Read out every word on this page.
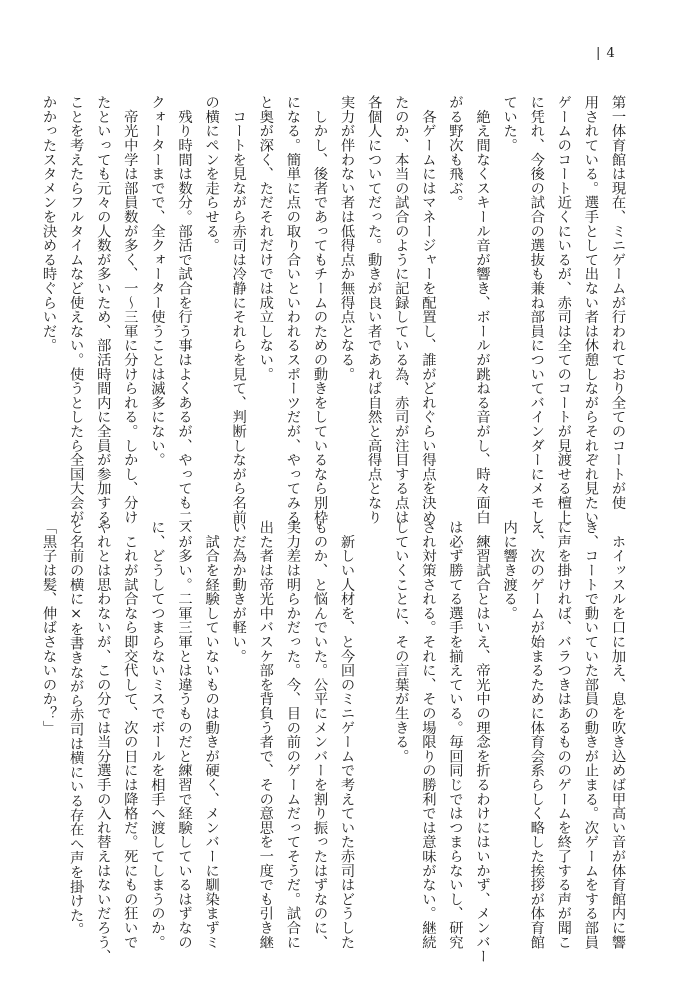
| 4
第一体育館は現在、ミニゲームが行われており全てのコートが使
用されている。選手として出ない者は休憩しながらそれぞれ見たい
ゲームのコート近くにいるが、赤司は全てのコートが見渡せる檀上
に凭れ、今後の試合の選抜も兼ね部員についてバインダーにメモし
ていた。
　絶え間なくスキール音が響き、ボールが跳ねる音がし、時々面白
がる野次も飛ぶ。
　各ゲームにはマネージャーを配置し、誰がどれぐらい得点を決め
たのか、本当の試合のように記録している為、赤司が注目する点は
各個人についてだった。動きが良い者であれば自然と高得点となり
実力が伴わない者は低得点か無得点となる。
　しかし、後者であってもチームのための動きをしているなら別枠
になる。簡単に点の取り合いといわれるスポーツだが、やってみる
と奥が深く、ただそれだけでは成立しない。
　コートを見ながら赤司は冷静にそれらを見て、判断しながら名前
の横にペンを走らせる。
　残り時間は数分。部活で試合を行う事はよくあるが、やっても二
クォーターまでで、全クォーター使うことは滅多にない。
　帝光中学は部員数が多く、一～三軍に分けられる。しかし、分け
たといっても元々の人数が多いため、部活時間内に全員が参加する
ことを考えたらフルタイムなど使えない。使うとしたら全国大会が
かかったスタメンを決める時ぐらいだ。
　ホイッスルを口に加え、息を吹き込めば甲高い音が体育館内に響
き、コートで動いていた部員の動きが止まる。次ゲームをする部員
に声を掛ければ、バラつきはあるもののゲームを終了する声が聞こ
え、次のゲームが始まるために体育会系らしく略した挨拶が体育館
内に響き渡る。
　練習試合とはいえ、帝光中の理念を折るわけにはいかず、メンバー
は必ず勝てる選手を揃えている。毎回同じではつまらないし、研究
され対策される。それに、その場限りの勝利では意味がない。継続
していくことに、その言葉が生きる。

　新しい人材を、と今回のミニゲームで考えていた赤司はどうした
ものか、と悩んでいた。公平にメンバーを割り振ったはずなのに、
実力差は明らかだった。今、目の前のゲームだってそうだ。試合に
出た者は帝光中バスケ部を背負う者で、その意思を一度でも引き継
いだ為か動きが軽い。
　試合を経験していないものは動きが硬く、メンバーに馴染まずミ
スが多い。二軍三軍とは違うものだと練習で経験しているはずなの
に、どうしてつまらないミスでボールを相手へ渡してしまうのか。
　これが試合なら即交代して、次の日には降格だ。死にもの狂いで
やれとは思わないが、この分では当分選手の入れ替えはないだろう、
と名前の横に×を書きながら赤司は横にいる存在へ声を掛けた。
「黒子は髪、伸ばさないのか？」
